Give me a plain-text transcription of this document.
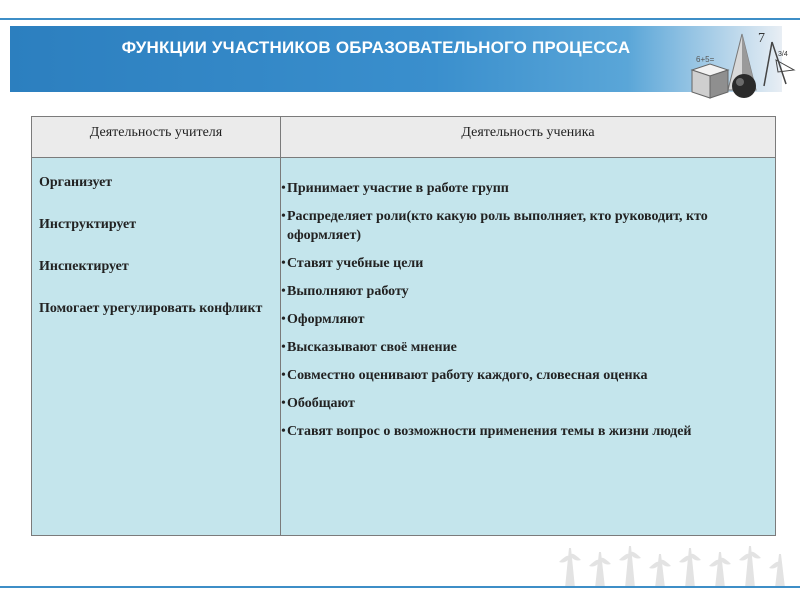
ФУНКЦИИ УЧАСТНИКОВ ОБРАЗОВАТЕЛЬНОГО ПРОЦЕССА	7
6+5=
3/4
Деятельность учителя	Деятельность ученика
Организует
Инструктирует
Инспектирует
Помогает урегулировать конфликт
• Принимает участие в работе групп
• Распределяет роли(кто какую роль выполняет, кто руководит, кто оформляет)
• Ставят учебные цели
• Выполняют работу
• Оформляют
• Высказывают своё мнение
• Совместно оценивают работу каждого, словесная оценка
• Обобщают
• Ставят вопрос о возможности применения темы в жизни людей
